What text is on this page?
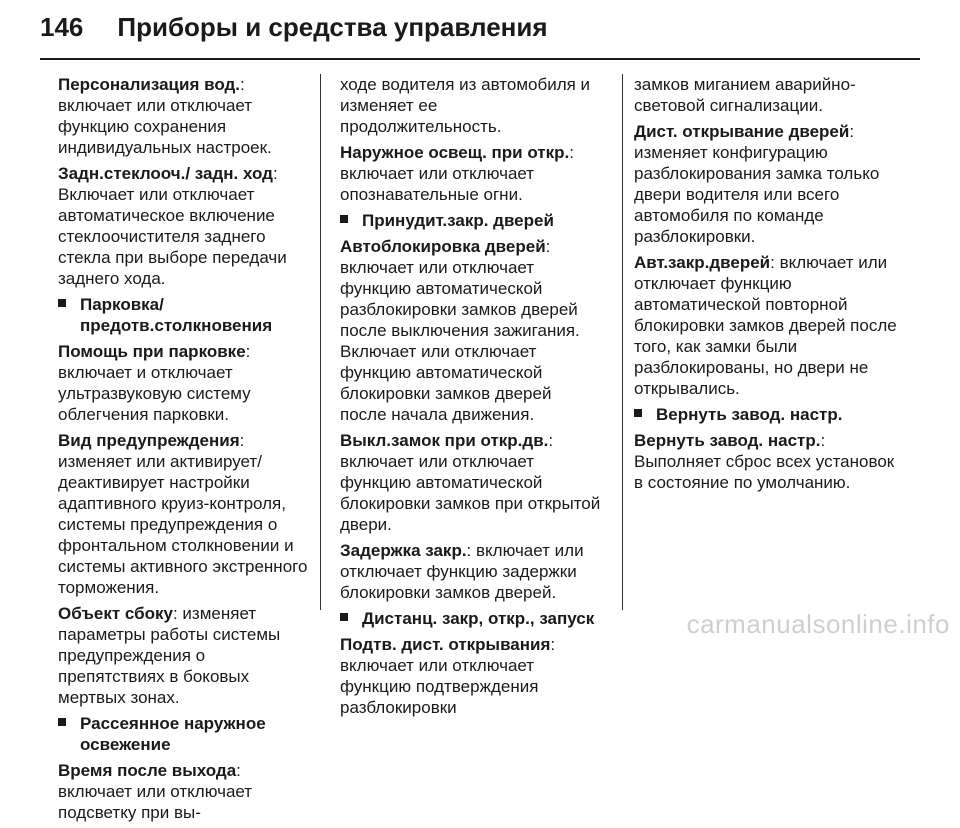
146 Приборы и средства управления

Персонализация вод.: включает или отключает функцию сохранения индивидуальных настроек.

Задн.стеклооч./ задн. ход: Включает или отключает автоматическое включение стеклоочистителя заднего стекла при выборе передачи заднего хода.

Парковка/предотв.столкновения

Помощь при парковке: включает и отключает ультразвуковую систему облегчения парковки.

Вид предупреждения: изменяет или активирует/деактивирует настройки адаптивного круиз-контроля, системы предупреждения о фронтальном столкновении и системы активного экстренного торможения.

Объект сбоку: изменяет параметры работы системы предупреждения о препятствиях в боковых мертвых зонах.

Рассеянное наружное освежение

Время после выхода: включает или отключает подсветку при вы-

ходе водителя из автомобиля и изменяет ее продолжительность.

Наружное освещ. при откр.: включает или отключает опознавательные огни.

Принудит.закр. дверей

Автоблокировка дверей: включает или отключает функцию автоматической разблокировки замков дверей после выключения зажигания. Включает или отключает функцию автоматической блокировки замков дверей после начала движения.

Выкл.замок при откр.дв.: включает или отключает функцию автоматической блокировки замков при открытой двери.

Задержка закр.: включает или отключает функцию задержки блокировки замков дверей.

Дистанц. закр, откр., запуск

Подтв. дист. открывания: включает или отключает функцию подтверждения разблокировки

замков миганием аварийно-световой сигнализации.

Дист. открывание дверей: изменяет конфигурацию разблокирования замка только двери водителя или всего автомобиля по команде разблокировки.

Авт.закр.дверей: включает или отключает функцию автоматической повторной блокировки замков дверей после того, как замки были разблокированы, но двери не открывались.

Вернуть завод. настр.

Вернуть завод. настр.: Выполняет сброс всех установок в состояние по умолчанию.

carmanualsonline.info
